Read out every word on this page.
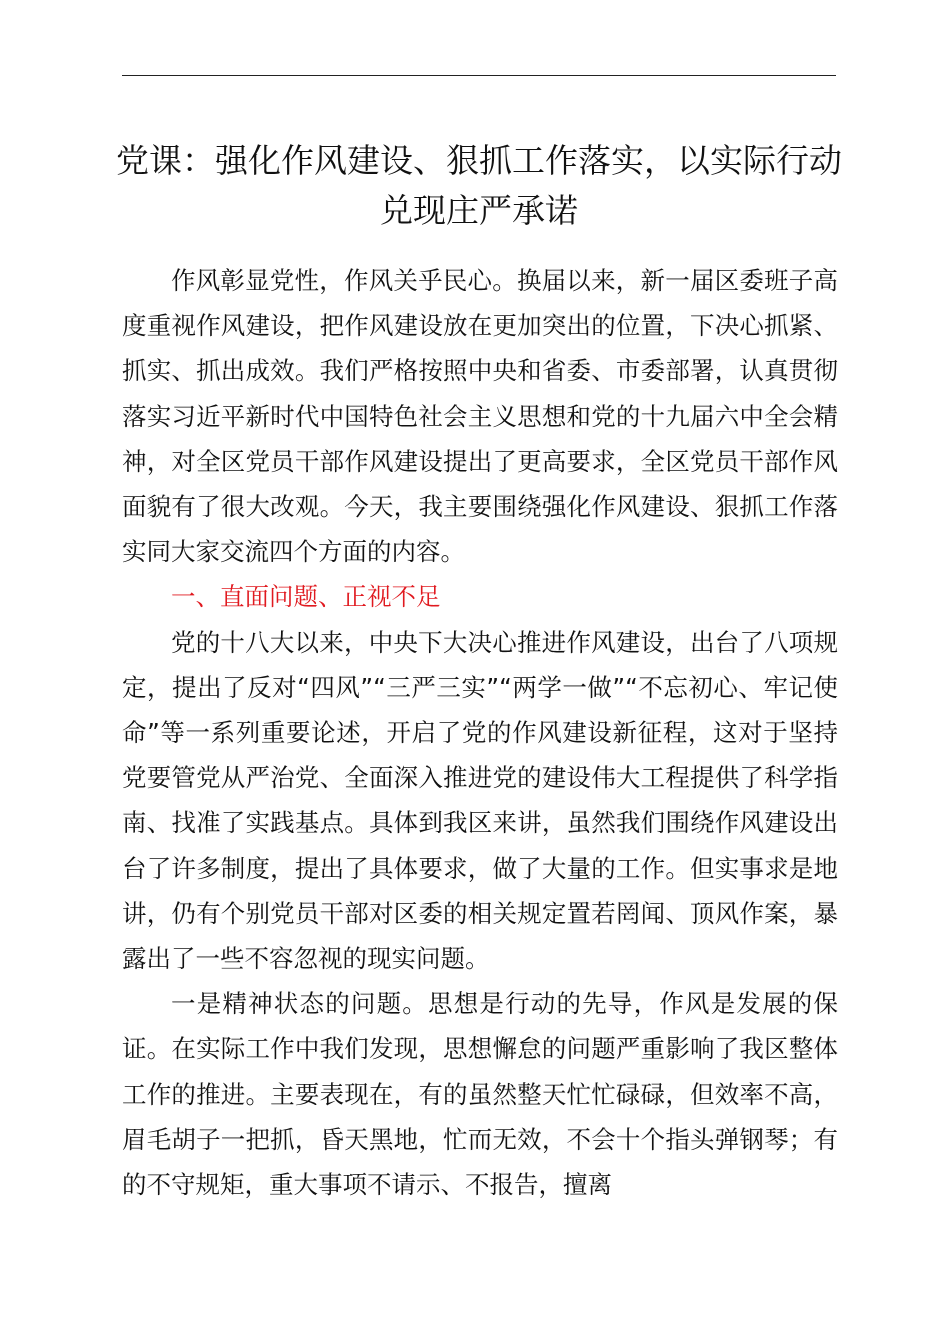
党课：强化作风建设、狠抓工作落实，以实际行动兑现庄严承诺

作风彰显党性，作风关乎民心。换届以来，新一届区委班子高度重视作风建设，把作风建设放在更加突出的位置，下决心抓紧、抓实、抓出成效。我们严格按照中央和省委、市委部署，认真贯彻落实习近平新时代中国特色社会主义思想和党的十九届六中全会精神，对全区党员干部作风建设提出了更高要求，全区党员干部作风面貌有了很大改观。今天，我主要围绕强化作风建设、狠抓工作落实同大家交流四个方面的内容。

一、直面问题、正视不足

党的十八大以来，中央下大决心推进作风建设，出台了八项规定，提出了反对“四风”“三严三实”“两学一做”“不忘初心、牢记使命”等一系列重要论述，开启了党的作风建设新征程，这对于坚持党要管党从严治党、全面深入推进党的建设伟大工程提供了科学指南、找准了实践基点。具体到我区来讲，虽然我们围绕作风建设出台了许多制度，提出了具体要求，做了大量的工作。但实事求是地讲，仍有个别党员干部对区委的相关规定置若罔闻、顶风作案，暴露出了一些不容忽视的现实问题。

一是精神状态的问题。思想是行动的先导，作风是发展的保证。在实际工作中我们发现，思想懈怠的问题严重影响了我区整体工作的推进。主要表现在，有的虽然整天忙忙碌碌，但效率不高，眉毛胡子一把抓，昏天黑地，忙而无效，不会十个指头弹钢琴；有的不守规矩，重大事项不请示、不报告，擅离
